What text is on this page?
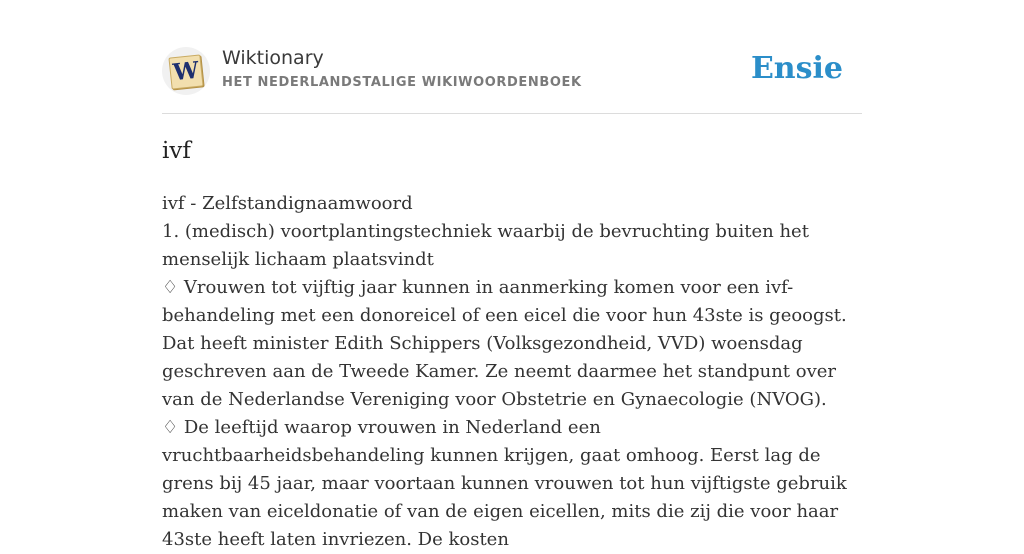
W Wiktionary
HET NEDERLANDSTALIGE WIKIWOORDENBOEK	Ensie
ivf

ivf - Zelfstandignaamwoord

1. (medisch) voortplantingstechniek waarbij de bevruchting buiten het menselijk lichaam plaatsvindt

♢ Vrouwen tot vijftig jaar kunnen in aanmerking komen voor een ivf-behandeling met een donoreicel of een eicel die voor hun 43ste is geoogst. Dat heeft minister Edith Schippers (Volksgezondheid, VVD) woensdag geschreven aan de Tweede Kamer. Ze neemt daarmee het standpunt over van de Nederlandse Vereniging voor Obstetrie en Gynaecologie (NVOG).

♢ De leeftijd waarop vrouwen in Nederland een vruchtbaarheidsbehandeling kunnen krijgen, gaat omhoog. Eerst lag de grens bij 45 jaar, maar voortaan kunnen vrouwen tot hun vijftigste gebruik maken van eiceldonatie of van de eigen eicellen, mits die zij die voor haar 43ste heeft laten invriezen. De kosten
